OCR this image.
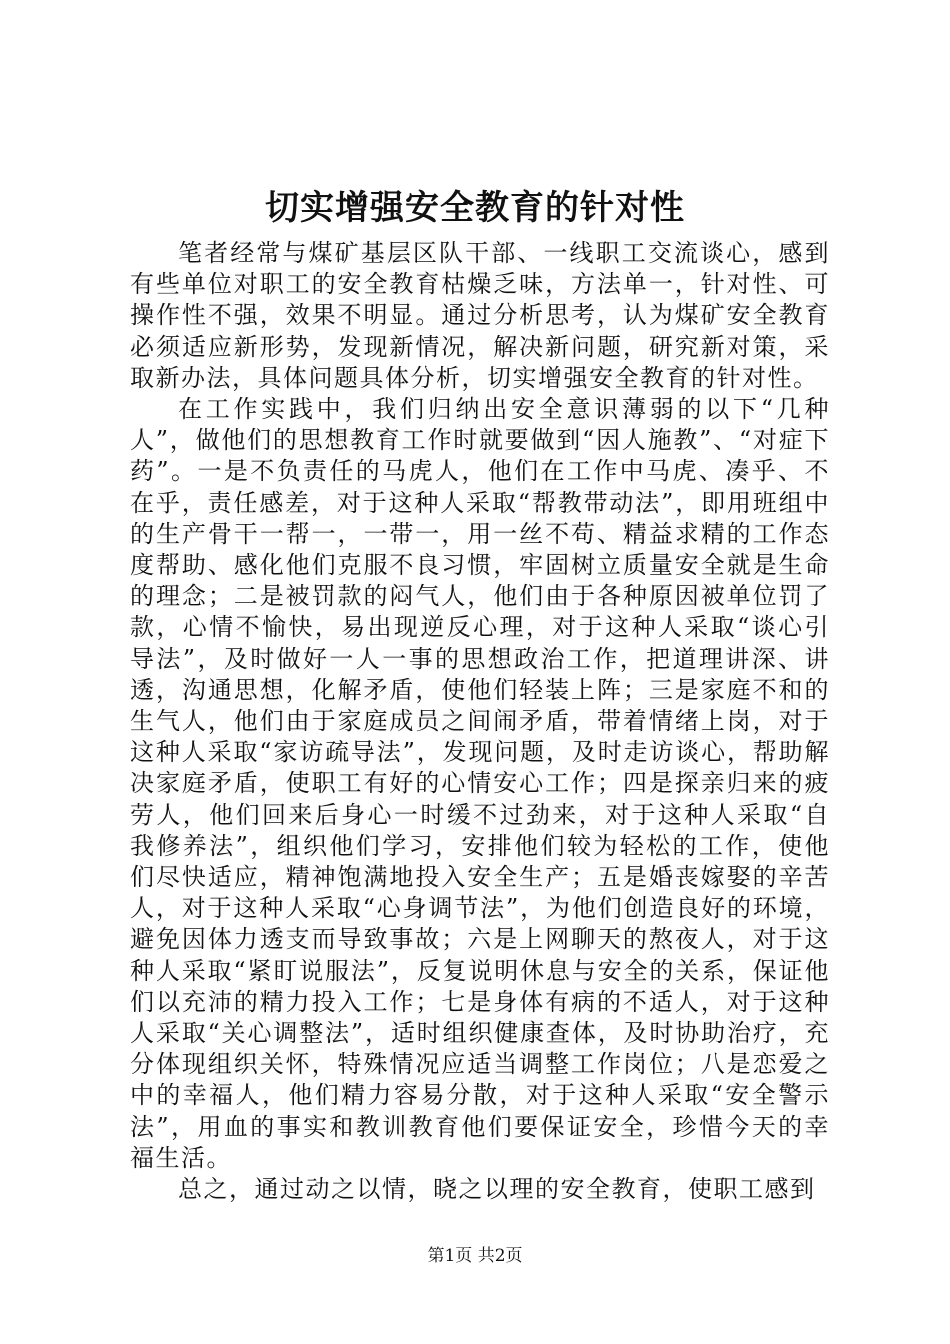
切实增强安全教育的针对性

笔者经常与煤矿基层区队干部、一线职工交流谈心，感到有些单位对职工的安全教育枯燥乏味，方法单一，针对性、可操作性不强，效果不明显。通过分析思考，认为煤矿安全教育必须适应新形势，发现新情况，解决新问题，研究新对策，采取新办法，具体问题具体分析，切实增强安全教育的针对性。

在工作实践中，我们归纳出安全意识薄弱的以下“几种人”，做他们的思想教育工作时就要做到“因人施教”、“对症下药”。一是不负责任的马虎人，他们在工作中马虎、凑乎、不在乎，责任感差，对于这种人采取“帮教带动法”，即用班组中的生产骨干一帮一，一带一，用一丝不苟、精益求精的工作态度帮助、感化他们克服不良习惯，牢固树立质量安全就是生命的理念；二是被罚款的闷气人，他们由于各种原因被单位罚了款，心情不愉快，易出现逆反心理，对于这种人采取“谈心引导法”，及时做好一人一事的思想政治工作，把道理讲深、讲透，沟通思想，化解矛盾，使他们轻装上阵；三是家庭不和的生气人，他们由于家庭成员之间闹矛盾，带着情绪上岗，对于这种人采取“家访疏导法”，发现问题，及时走访谈心，帮助解决家庭矛盾，使职工有好的心情安心工作；四是探亲归来的疲劳人，他们回来后身心一时缓不过劲来，对于这种人采取“自我修养法”，组织他们学习，安排他们较为轻松的工作，使他们尽快适应，精神饱满地投入安全生产；五是婚丧嫁娶的辛苦人，对于这种人采取“心身调节法”，为他们创造良好的环境，避免因体力透支而导致事故；六是上网聊天的熬夜人，对于这种人采取“紧盯说服法”，反复说明休息与安全的关系，保证他们以充沛的精力投入工作；七是身体有病的不适人，对于这种人采取“关心调整法”，适时组织健康查体，及时协助治疗，充分体现组织关怀，特殊情况应适当调整工作岗位；八是恋爱之中的幸福人，他们精力容易分散，对于这种人采取“安全警示法”，用血的事实和教训教育他们要保证安全，珍惜今天的幸福生活。

总之，通过动之以情，晓之以理的安全教育，使职工感到

第1页 共2页
